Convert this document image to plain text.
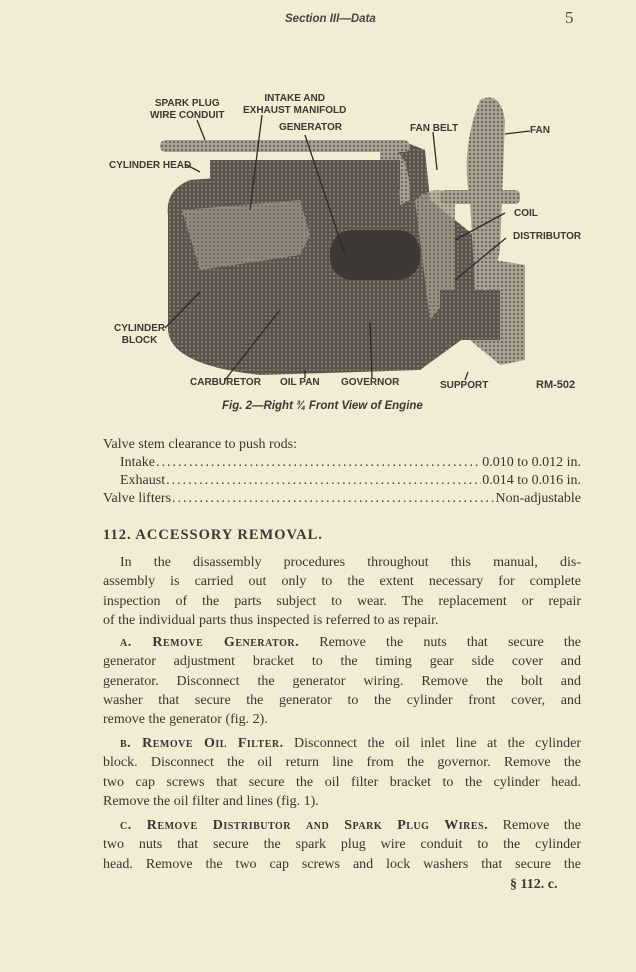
Section III—Data	5
SPARK PLUG
WIRE CONDUIT
INTAKE AND
EXHAUST MANIFOLD
GENERATOR	FAN BELT	FAN
CYLINDER HEAD
COIL
DISTRIBUTOR
CYLINDER
BLOCK
CARBURETOR OIL PAN GOVERNOR	SUPPORT	RM-502
Fig. 2—Right ¾ Front View of Engine
Valve stem clearance to push rods:
Intake .....	0.010 to 0.012 in.
Exhaust .....	0.014 to 0.016 in.
Valve lifters .....	Non-adjustable
112. ACCESSORY REMOVAL.
In the disassembly procedures throughout this manual, dis-
assembly is carried out only to the extent necessary for complete
inspection of the parts subject to wear. The replacement or repair
of the individual parts thus inspected is referred to as repair.
a. Remove Generator. Remove the nuts that secure the
generator adjustment bracket to the timing gear side cover and
generator. Disconnect the generator wiring. Remove the bolt and
washer that secure the generator to the cylinder front cover, and
remove the generator (fig. 2).
b. Remove Oil Filter. Disconnect the oil inlet line at the cylinder
block. Disconnect the oil return line from the governor. Remove the
two cap screws that secure the oil filter bracket to the cylinder head.
Remove the oil filter and lines (fig. 1).
c. Remove Distributor and Spark Plug Wires. Remove the
two nuts that secure the spark plug wire conduit to the cylinder
head. Remove the two cap screws and lock washers that secure the
§ 112. c.
